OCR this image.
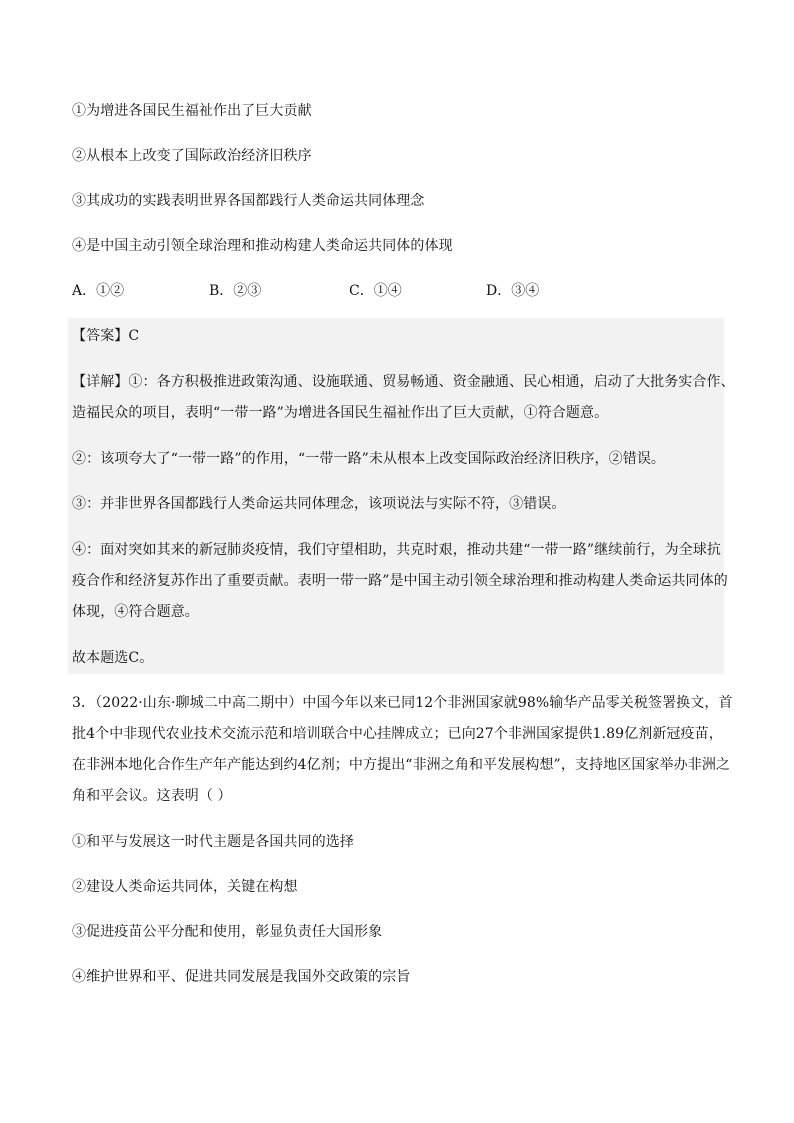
①为增进各国民生福祉作出了巨大贡献
②从根本上改变了国际政治经济旧秩序
③其成功的实践表明世界各国都践行人类命运共同体理念
④是中国主动引领全球治理和推动构建人类命运共同体的体现
A．①②	B．②③	C．①④	D．③④
【答案】C
【详解】①：各方积极推进政策沟通、设施联通、贸易畅通、资金融通、民心相通，启动了大批务实合作、
造福民众的项目，表明“一带一路”为增进各国民生福祉作出了巨大贡献，①符合题意。
②：该项夸大了“一带一路”的作用，“一带一路”未从根本上改变国际政治经济旧秩序，②错误。
③：并非世界各国都践行人类命运共同体理念，该项说法与实际不符，③错误。
④：面对突如其来的新冠肺炎疫情，我们守望相助，共克时艰，推动共建“一带一路”继续前行，为全球抗
疫合作和经济复苏作出了重要贡献。表明一带一路”是中国主动引领全球治理和推动构建人类命运共同体的
体现，④符合题意。
故本题选C。
3．（2022·山东·聊城二中高二期中）中国今年以来已同12个非洲国家就98%输华产品零关税签署换文，首
批4个中非现代农业技术交流示范和培训联合中心挂牌成立；已向27个非洲国家提供1.89亿剂新冠疫苗，
在非洲本地化合作生产年产能达到约4亿剂；中方提出“非洲之角和平发展构想”，支持地区国家举办非洲之
角和平会议。这表明（ ）
①和平与发展这一时代主题是各国共同的选择
②建设人类命运共同体，关键在构想
③促进疫苗公平分配和使用，彰显负责任大国形象
④维护世界和平、促进共同发展是我国外交政策的宗旨
